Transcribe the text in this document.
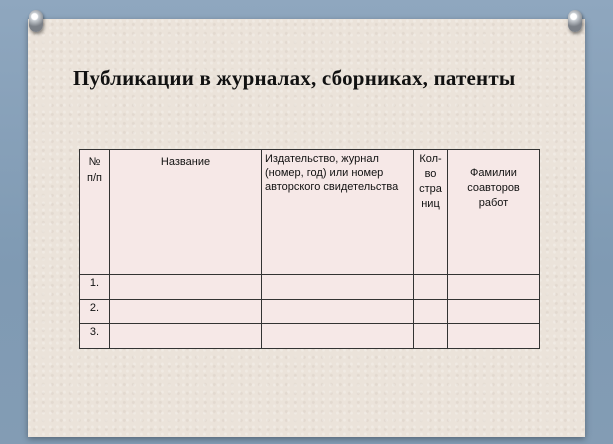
Публикации в журналах, сборниках, патенты
№ п/п	Название	Издательство, журнал (номер, год) или номер авторского свидетельства	Кол-во стра ниц	Фамилии соавторов работ

1.				
2.				
3.				
